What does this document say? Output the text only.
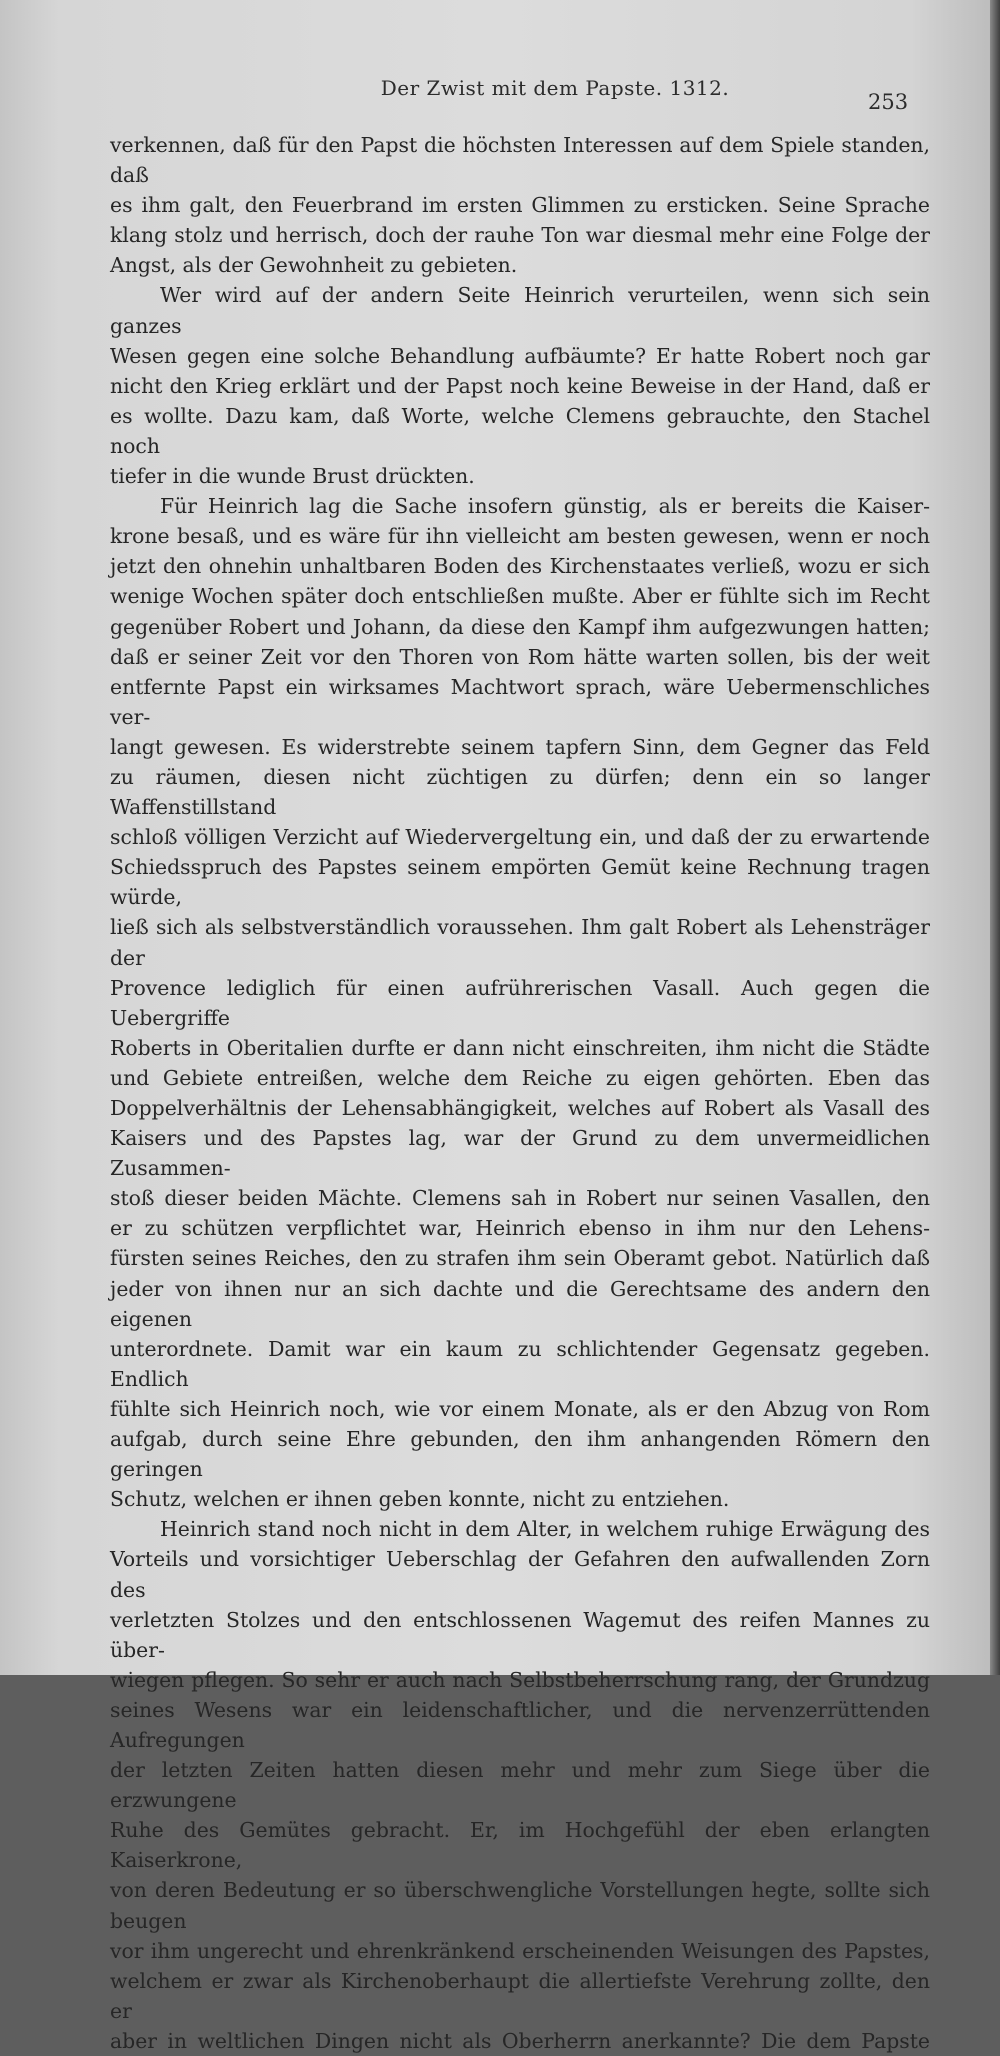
Der Zwist mit dem Papste. 1312.
253

verkennen, daß für den Papst die höchsten Interessen auf dem Spiele standen, daß

es ihm galt, den Feuerbrand im ersten Glimmen zu ersticken. Seine Sprache

klang stolz und herrisch, doch der rauhe Ton war diesmal mehr eine Folge der

Angst, als der Gewohnheit zu gebieten.

Wer wird auf der andern Seite Heinrich verurteilen, wenn sich sein ganzes

Wesen gegen eine solche Behandlung aufbäumte? Er hatte Robert noch gar

nicht den Krieg erklärt und der Papst noch keine Beweise in der Hand, daß er

es wollte. Dazu kam, daß Worte, welche Clemens gebrauchte, den Stachel noch

tiefer in die wunde Brust drückten.

Für Heinrich lag die Sache insofern günstig, als er bereits die Kaiser-

krone besaß, und es wäre für ihn vielleicht am besten gewesen, wenn er noch

jetzt den ohnehin unhaltbaren Boden des Kirchenstaates verließ, wozu er sich

wenige Wochen später doch entschließen mußte. Aber er fühlte sich im Recht

gegenüber Robert und Johann, da diese den Kampf ihm aufgezwungen hatten;

daß er seiner Zeit vor den Thoren von Rom hätte warten sollen, bis der weit

entfernte Papst ein wirksames Machtwort sprach, wäre Uebermenschliches ver-

langt gewesen. Es widerstrebte seinem tapfern Sinn, dem Gegner das Feld

zu räumen, diesen nicht züchtigen zu dürfen; denn ein so langer Waffenstillstand

schloß völligen Verzicht auf Wiedervergeltung ein, und daß der zu erwartende

Schiedsspruch des Papstes seinem empörten Gemüt keine Rechnung tragen würde,

ließ sich als selbstverständlich voraussehen. Ihm galt Robert als Lehensträger der

Provence lediglich für einen aufrührerischen Vasall. Auch gegen die Uebergriffe

Roberts in Oberitalien durfte er dann nicht einschreiten, ihm nicht die Städte

und Gebiete entreißen, welche dem Reiche zu eigen gehörten. Eben das

Doppelverhältnis der Lehensabhängigkeit, welches auf Robert als Vasall des

Kaisers und des Papstes lag, war der Grund zu dem unvermeidlichen Zusammen-

stoß dieser beiden Mächte. Clemens sah in Robert nur seinen Vasallen, den

er zu schützen verpflichtet war, Heinrich ebenso in ihm nur den Lehens-

fürsten seines Reiches, den zu strafen ihm sein Oberamt gebot. Natürlich daß

jeder von ihnen nur an sich dachte und die Gerechtsame des andern den eigenen

unterordnete. Damit war ein kaum zu schlichtender Gegensatz gegeben. Endlich

fühlte sich Heinrich noch, wie vor einem Monate, als er den Abzug von Rom

aufgab, durch seine Ehre gebunden, den ihm anhangenden Römern den geringen

Schutz, welchen er ihnen geben konnte, nicht zu entziehen.

Heinrich stand noch nicht in dem Alter, in welchem ruhige Erwägung des

Vorteils und vorsichtiger Ueberschlag der Gefahren den aufwallenden Zorn des

verletzten Stolzes und den entschlossenen Wagemut des reifen Mannes zu über-

wiegen pflegen. So sehr er auch nach Selbstbeherrschung rang, der Grundzug

seines Wesens war ein leidenschaftlicher, und die nervenzerrüttenden Aufregungen

der letzten Zeiten hatten diesen mehr und mehr zum Siege über die erzwungene

Ruhe des Gemütes gebracht. Er, im Hochgefühl der eben erlangten Kaiserkrone,

von deren Bedeutung er so überschwengliche Vorstellungen hegte, sollte sich beugen

vor ihm ungerecht und ehrenkränkend erscheinenden Weisungen des Papstes,

welchem er zwar als Kirchenoberhaupt die allertiefste Verehrung zollte, den er

aber in weltlichen Dingen nicht als Oberherrn anerkannte? Die dem Papste
